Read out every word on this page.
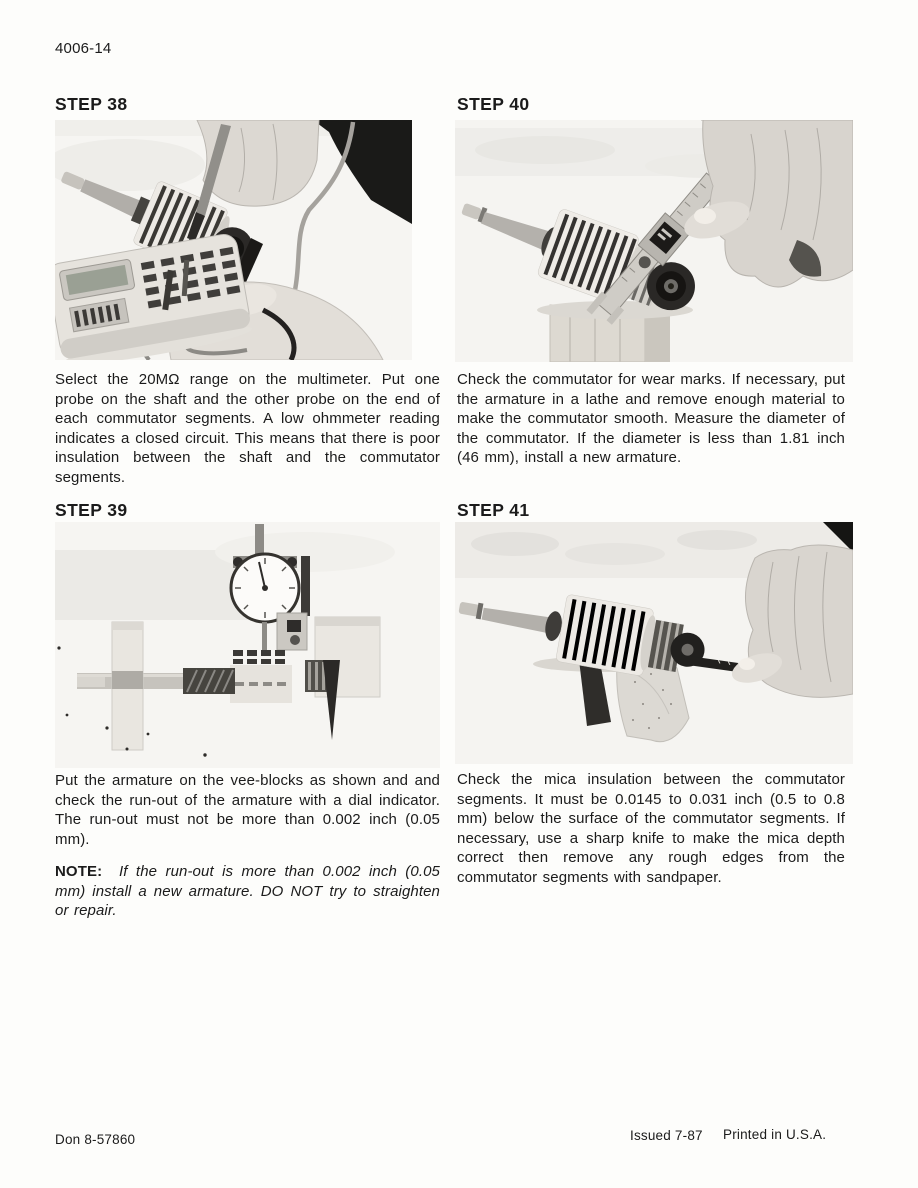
4006-14
STEP 38

Select the 20MΩ range on the multimeter. Put one probe on the shaft and the other probe on the end of each commutator segments. A low ohmmeter reading indicates a closed circuit. This means that there is poor insulation between the shaft and the commutator segments.

STEP 39

Put the armature on the vee-blocks as shown and and check the run-out of the armature with a dial indicator. The run-out must not be more than 0.002 inch (0.05 mm).

NOTE:  If the run-out is more than 0.002 inch (0.05 mm) install a new armature. DO NOT try to straighten or repair.

STEP 40

Check the commutator for wear marks. If necessary, put the armature in a lathe and remove enough material to make the commutator smooth. Measure the diameter of the commutator. If the diameter is less than 1.81 inch (46 mm), install a new armature.

STEP 41

Check the mica insulation between the commutator segments. It must be 0.0145 to 0.031 inch (0.5 to 0.8 mm) below the surface of the commutator segments. If necessary, use a sharp knife to make the mica depth correct then remove any rough edges from the commutator segments with sandpaper.

Don 8-57860	Issued 7-87 Printed in U.S.A.
